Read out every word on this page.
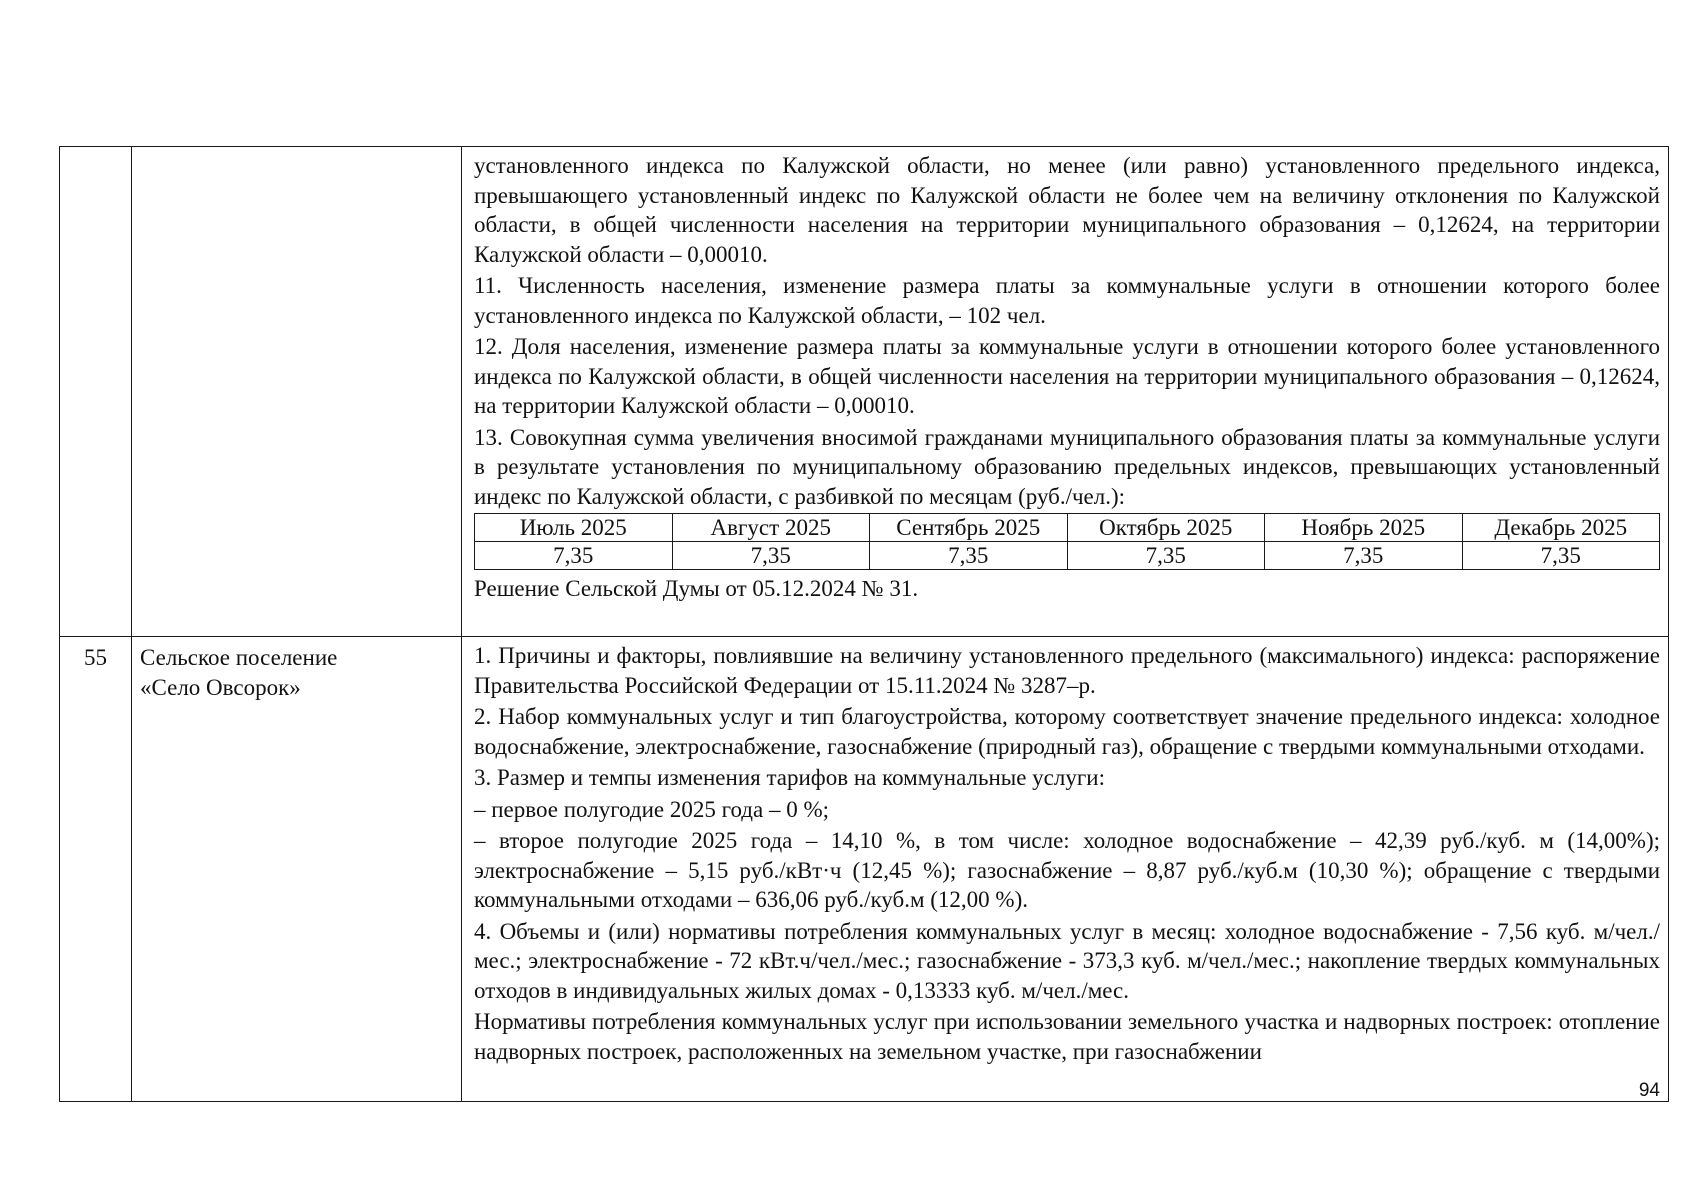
установленного индекса по Калужской области, но менее (или равно) установленного предельного индекса, превышающего установленный индекс по Калужской области не более чем на величину отклонения по Калужской области, в общей численности населения на территории муниципального образования – 0,12624, на территории Калужской области – 0,00010.

11. Численность населения, изменение размера платы за коммунальные услуги в отношении которого более установленного индекса по Калужской области, – 102 чел.

12. Доля населения, изменение размера платы за коммунальные услуги в отношении которого более установленного индекса по Калужской области, в общей численности населения на территории муниципального образования – 0,12624, на территории Калужской области – 0,00010.

13. Совокупная сумма увеличения вносимой гражданами муниципального образования платы за коммунальные услуги в результате установления по муниципальному образованию предельных индексов, превышающих установленный индекс по Калужской области, с разбивкой по месяцам (руб./чел.):

Июль 2025	Август 2025	Сентябрь 2025	Октябрь 2025	Ноябрь 2025	Декабрь 2025
7,35	7,35	7,35	7,35	7,35	7,35

Решение Сельской Думы от 05.12.2024 № 31.

55	Сельское поселение
«Село Овсорок»

1. Причины и факторы, повлиявшие на величину установленного предельного (максимального) индекса: распоряжение Правительства Российской Федерации от 15.11.2024 № 3287–р.

2. Набор коммунальных услуг и тип благоустройства, которому соответствует значение предельного индекса: холодное водоснабжение, электроснабжение, газоснабжение (природный газ), обращение с твердыми коммунальными отходами.

3. Размер и темпы изменения тарифов на коммунальные услуги:

– первое полугодие 2025 года – 0 %;

– второе полугодие 2025 года – 14,10 %, в том числе: холодное водоснабжение – 42,39 руб./куб. м (14,00%); электроснабжение – 5,15 руб./кВт·ч (12,45 %); газоснабжение – 8,87 руб./куб.м (10,30 %); обращение с твердыми коммунальными отходами – 636,06 руб./куб.м (12,00 %).

4. Объемы и (или) нормативы потребления коммунальных услуг в месяц: холодное водоснабжение - 7,56 куб. м/чел./мес.; электроснабжение - 72 кВт.ч/чел./мес.; газоснабжение - 373,3 куб. м/чел./мес.; накопление твердых коммунальных отходов в индивидуальных жилых домах - 0,13333 куб. м/чел./мес.

Нормативы потребления коммунальных услуг при использовании земельного участка и надворных построек: отопление надворных построек, расположенных на земельном участке, при газоснабжении

94
